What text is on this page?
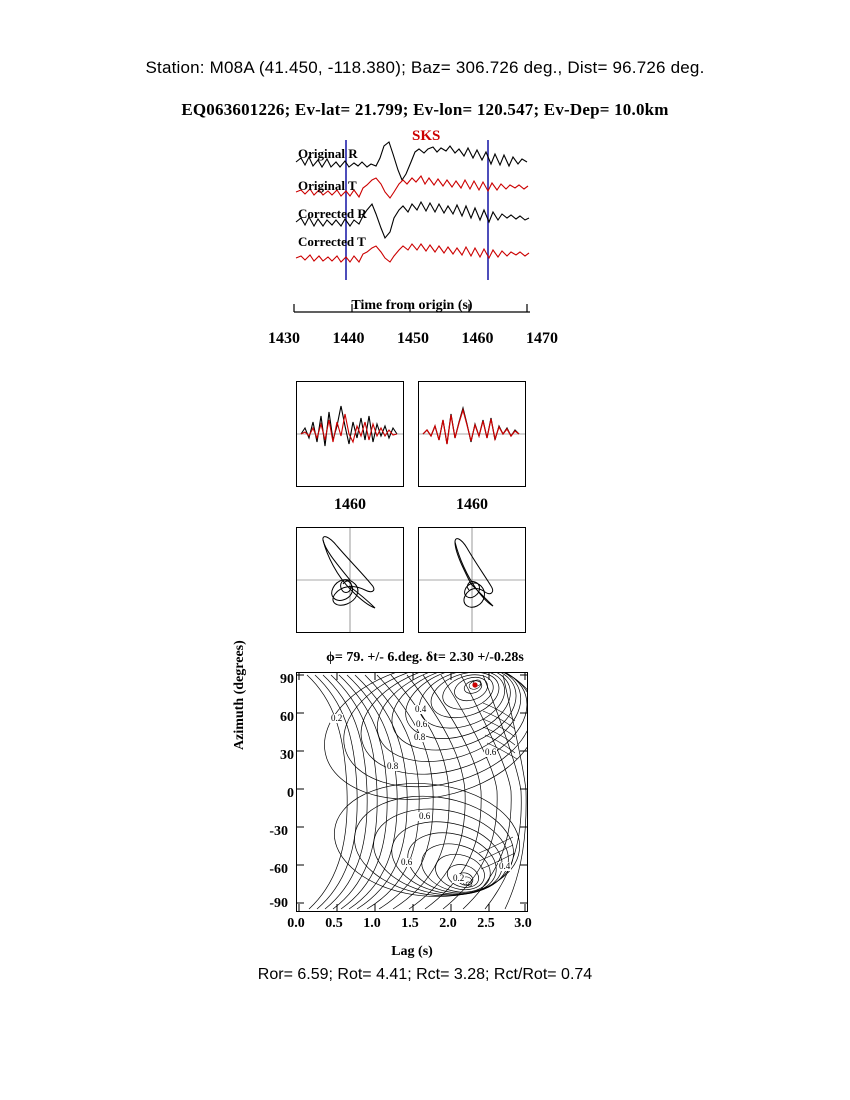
Station: M08A (41.450, -118.380); Baz= 306.726 deg., Dist= 96.726 deg.
EQ063601226; Ev-lat= 21.799; Ev-lon= 120.547; Ev-Dep= 10.0km
SKS
Original R
Original T
Corrected R
Corrected T
Time from origin (s)
1430 1440 1450 1460 1470
1460	1460
ϕ= 79. +/- 6.deg. δt= 2.30 +/-0.28s
Azimuth (degrees)	90
60
30
0
-30
-60
-90
0.2
0.4
0.6
0.8
0.6
0.8
0.6
0.6	0.4
0.2
0.0	0.5	1.0	1.5	2.0	2.5	3.0
Lag (s)
Ror= 6.59; Rot= 4.41; Rct= 3.28; Rct/Rot= 0.74
